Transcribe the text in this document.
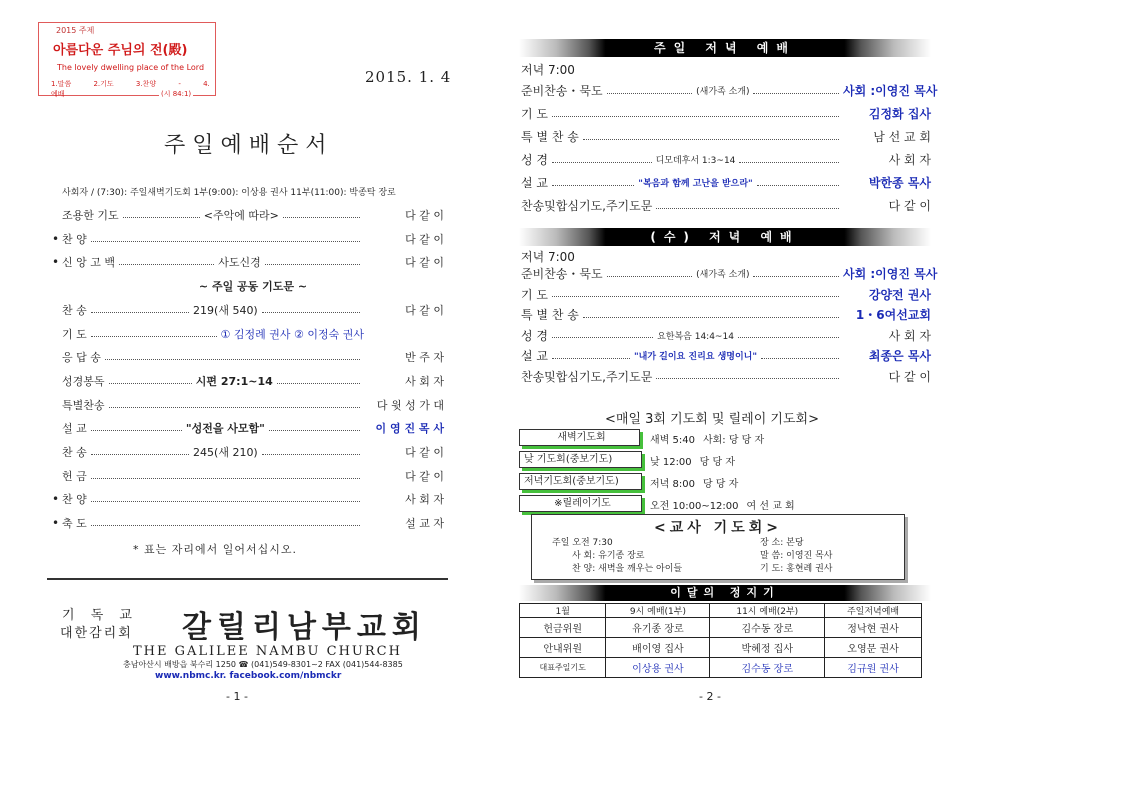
2015 주제
아름다운 주님의 전(殿)
The lovely dwelling place of the Lord
1.말씀	2.기도	3.찬양	-	4.예배	(시 84:1)
2015. 1. 4
주일예배순서
사회자 / (7:30): 주일새벽기도회 1부(9:00): 이상용 권사 11부(11:00): 박종탁 장로
조용한 기도	<주악에 따라>	다 같 이
• 찬 양	다 같 이
• 신 앙 고 백	사도신경	다 같 이
~ 주일 공동 기도문 ~
찬 송	219(새 540)	다 같 이
기 도	① 김정례 권사 ② 이정숙 권사
응 답 송	반 주 자
성경봉독	시편 27:1~14	사 회 자
특별찬송	다 윗 성 가 대
설 교	"성전을 사모함"	이 영 진 목 사
찬 송	245(새 210)	다 같 이
헌 금	다 같 이
• 찬 양	사 회 자
• 축 도	설 교 자
* 표는 자리에서 일어서십시오.
기 독 교
대한감리회 갈릴리남부교회
THE GALILEE NAMBU CHURCH
충남아산시 배방읍 북수리 1250 ☎ (041)549-8301~2 FAX (041)544-8385
www.nbmc.kr. facebook.com/nbmckr
- 1 -
주일 저녁 예배
저녁 7:00
준비찬송・묵도	(새가족 소개)	사회 :이영진 목사
기 도	김정화 집사
특 별 찬 송	남 선 교 회
성 경	디모데후서 1:3~14	사 회 자
설 교	"복음과 함께 고난을 받으라"	박한종 목사
찬송및합심기도,주기도문	다 같 이
(수) 저녁 예배
저녁 7:00
준비찬송・묵도	(새가족 소개)	사회 :이영진 목사
기 도	강양전 권사
특 별 찬 송	1・6여선교회
성 경	요한복음 14:4~14	사 회 자
설 교	"내가 길이요 진리요 생명이니"	최종은 목사
찬송및합심기도,주기도문	다 같 이
<매일 3회 기도회 및 릴레이 기도회>
새벽기도회	새벽 5:40 사회: 당 당 자
낮 기도회(중보기도)	낮 12:00 당 당 자
저녁기도회(중보기도)	저녁 8:00 당 당 자
※릴레이기도	오전 10:00~12:00 여 선 교 회
<교사 기도회>
주일 오전 7:30
사 회: 유기종 장로
찬 양: 새벽을 깨우는 아이들
장 소: 본당
말 씀: 이영진 목사
기 도: 홍현례 권사
이달의 정지기
1월	9시 예배(1부)	11시 예배(2부)	주일저녁예배
헌금위원	유기종 장로	김수동 장로	정낙현 권사
안내위원	배이영 집사	박혜정 집사	오영문 권사
대표주일기도	이상용 권사	김수동 장로	김규원 권사
- 2 -
